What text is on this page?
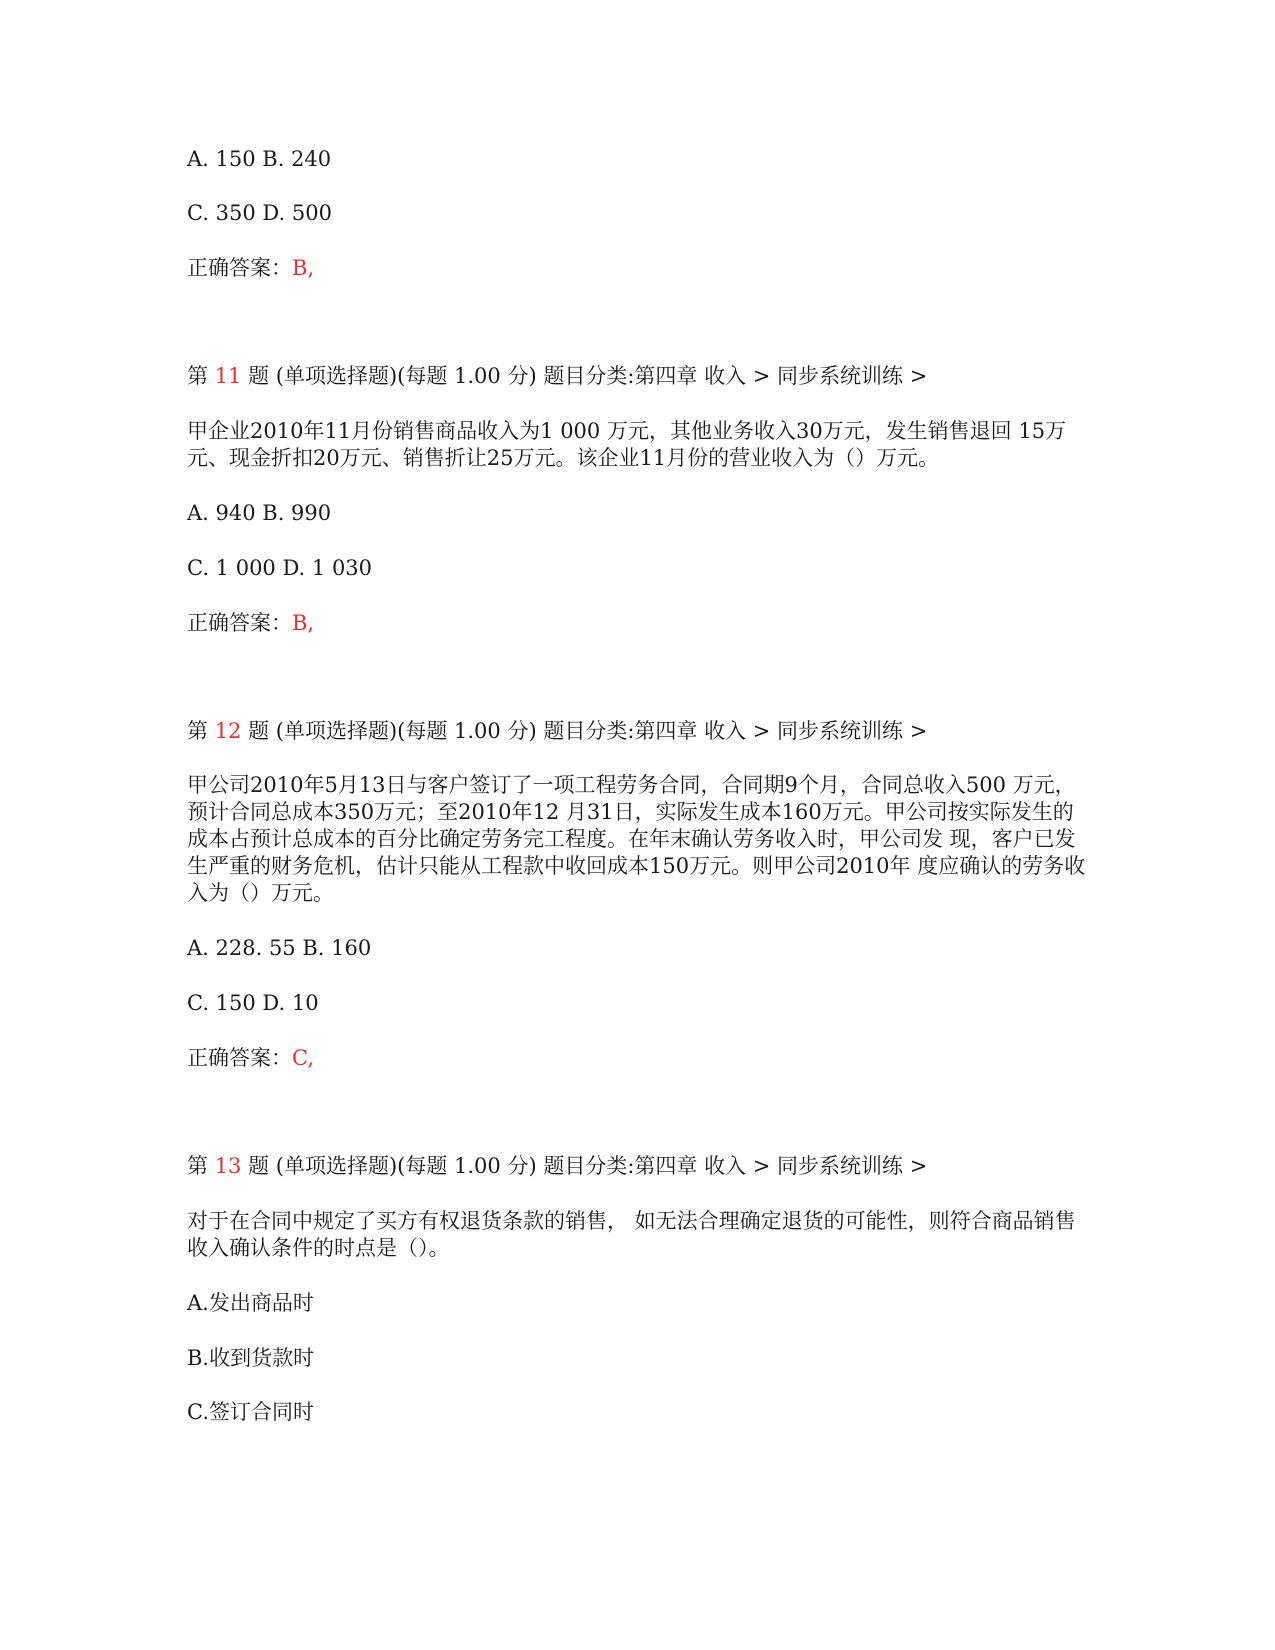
A. 150 B. 240
C. 350 D. 500
正确答案：B,
第 11 题 (单项选择题)(每题 1.00 分) 题目分类:第四章 收入 > 同步系统训练 >
甲企业2010年11月份销售商品收入为1 000 万元，其他业务收入30万元，发生销售退回 15万元、现金折扣20万元、销售折让25万元。该企业11月份的营业收入为（）万元。
A. 940 B. 990
C. 1 000 D. 1 030
正确答案：B,
第 12 题 (单项选择题)(每题 1.00 分) 题目分类:第四章 收入 > 同步系统训练 >
甲公司2010年5月13日与客户签订了一项工程劳务合同，合同期9个月，合同总收入500 万元，预计合同总成本350万元；至2010年12 月31日，实际发生成本160万元。甲公司按实际发生的成本占预计总成本的百分比确定劳务完工程度。在年末确认劳务收入时，甲公司发 现，客户已发生严重的财务危机，估计只能从工程款中收回成本150万元。则甲公司2010年 度应确认的劳务收入为（）万元。
A. 228. 55 B. 160
C. 150 D. 10
正确答案：C,
第 13 题 (单项选择题)(每题 1.00 分) 题目分类:第四章 收入 > 同步系统训练 >
对于在合同中规定了买方有权退货条款的销售， 如无法合理确定退货的可能性，则符合商品销售收入确认条件的时点是（）。
A.发出商品时
B.收到货款时
C.签订合同时
